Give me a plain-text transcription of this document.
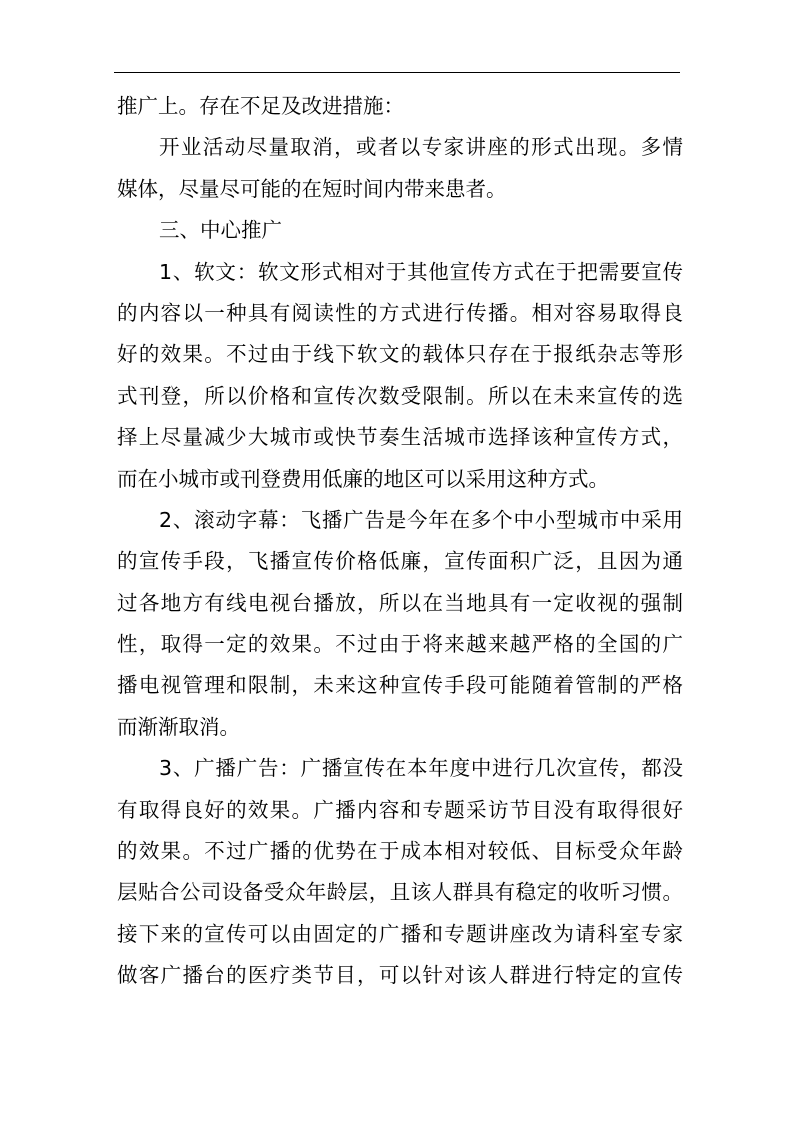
推广上。存在不足及改进措施：
开业活动尽量取消，或者以专家讲座的形式出现。多情
媒体，尽量尽可能的在短时间内带来患者。
三、中心推广
1、软文：软文形式相对于其他宣传方式在于把需要宣传
的内容以一种具有阅读性的方式进行传播。相对容易取得良
好的效果。不过由于线下软文的载体只存在于报纸杂志等形
式刊登，所以价格和宣传次数受限制。所以在未来宣传的选
择上尽量减少大城市或快节奏生活城市选择该种宣传方式，
而在小城市或刊登费用低廉的地区可以采用这种方式。
2、滚动字幕：飞播广告是今年在多个中小型城市中采用
的宣传手段，飞播宣传价格低廉，宣传面积广泛，且因为通
过各地方有线电视台播放，所以在当地具有一定收视的强制
性，取得一定的效果。不过由于将来越来越严格的全国的广
播电视管理和限制，未来这种宣传手段可能随着管制的严格
而渐渐取消。
3、广播广告：广播宣传在本年度中进行几次宣传，都没
有取得良好的效果。广播内容和专题采访节目没有取得很好
的效果。不过广播的优势在于成本相对较低、目标受众年龄
层贴合公司设备受众年龄层，且该人群具有稳定的收听习惯。
接下来的宣传可以由固定的广播和专题讲座改为请科室专家
做客广播台的医疗类节目，可以针对该人群进行特定的宣传
